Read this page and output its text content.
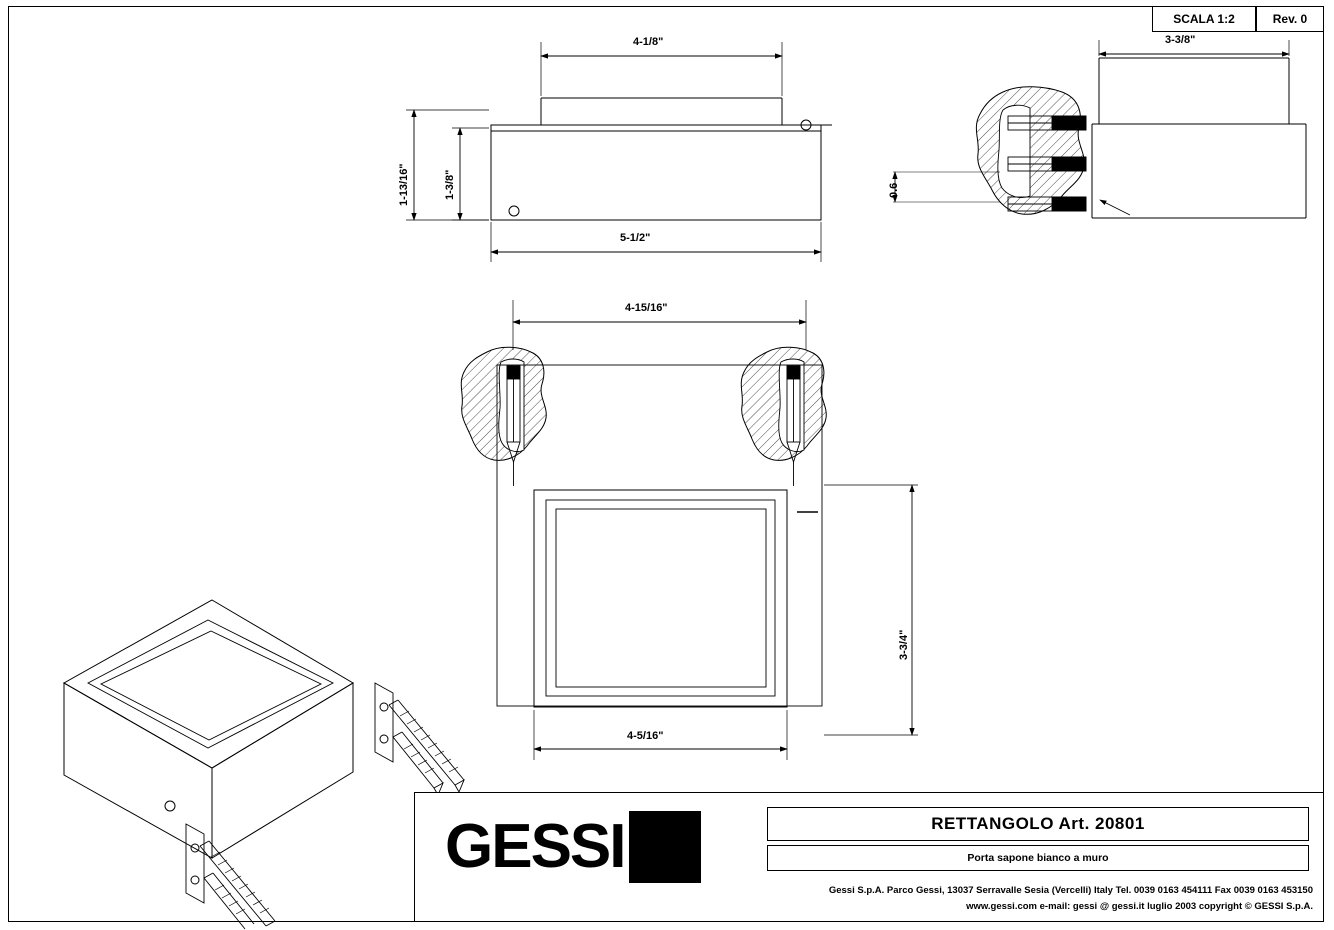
SCALA 1:2	Rev. 0
4-1/8"
5-1/2"
1-13/16"	1-3/8"
3-3/8"
0.6
4-15/16"
4-5/16"
3-3/4"
GESSI	RETTANGOLO Art. 20801
Porta sapone bianco a muro
Gessi S.p.A. Parco Gessi, 13037 Serravalle Sesia (Vercelli) Italy Tel. 0039 0163 454111 Fax 0039 0163 453150
www.gessi.com e-mail: gessi @ gessi.it luglio 2003 copyright © GESSI S.p.A.
